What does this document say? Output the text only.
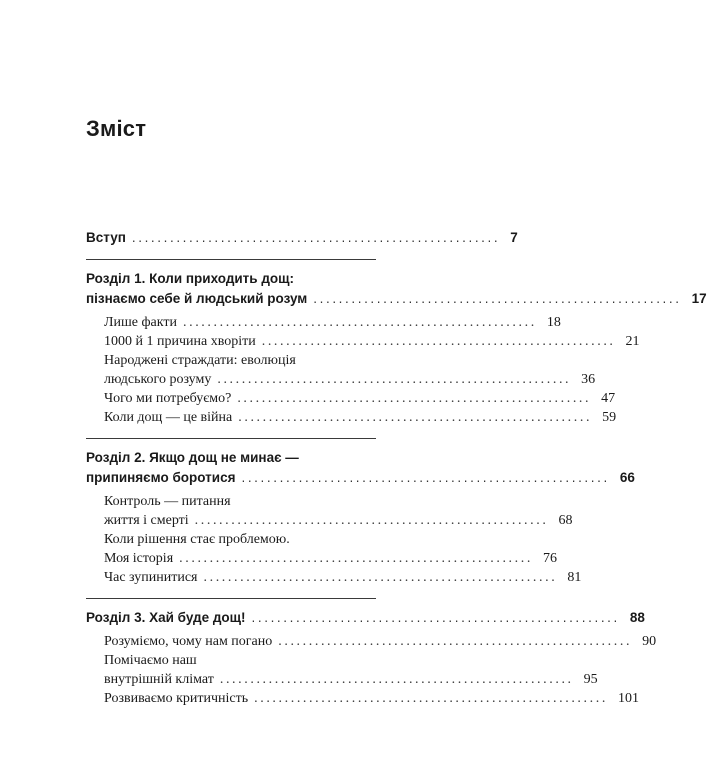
Зміст
Вступ .......................................................... 7
Розділ 1. Коли приходить дощ:
пізнаємо себе й людський розум .......................................................... 17
Лише факти .......................................................... 18
1000 й 1 причина хворіти .......................................................... 21
Народжені страждати: еволюція
людського розуму .......................................................... 36
Чого ми потребуємо? .......................................................... 47
Коли дощ — це війна .......................................................... 59
Розділ 2. Якщо дощ не минає —
припиняємо боротися .......................................................... 66
Контроль — питання
життя і смерті .......................................................... 68
Коли рішення стає проблемою.
Моя історія .......................................................... 76
Час зупинитися .......................................................... 81
Розділ 3. Хай буде дощ! .......................................................... 88
Розуміємо, чому нам погано .......................................................... 90
Помічаємо наш
внутрішній клімат .......................................................... 95
Розвиваємо критичність .......................................................... 101
